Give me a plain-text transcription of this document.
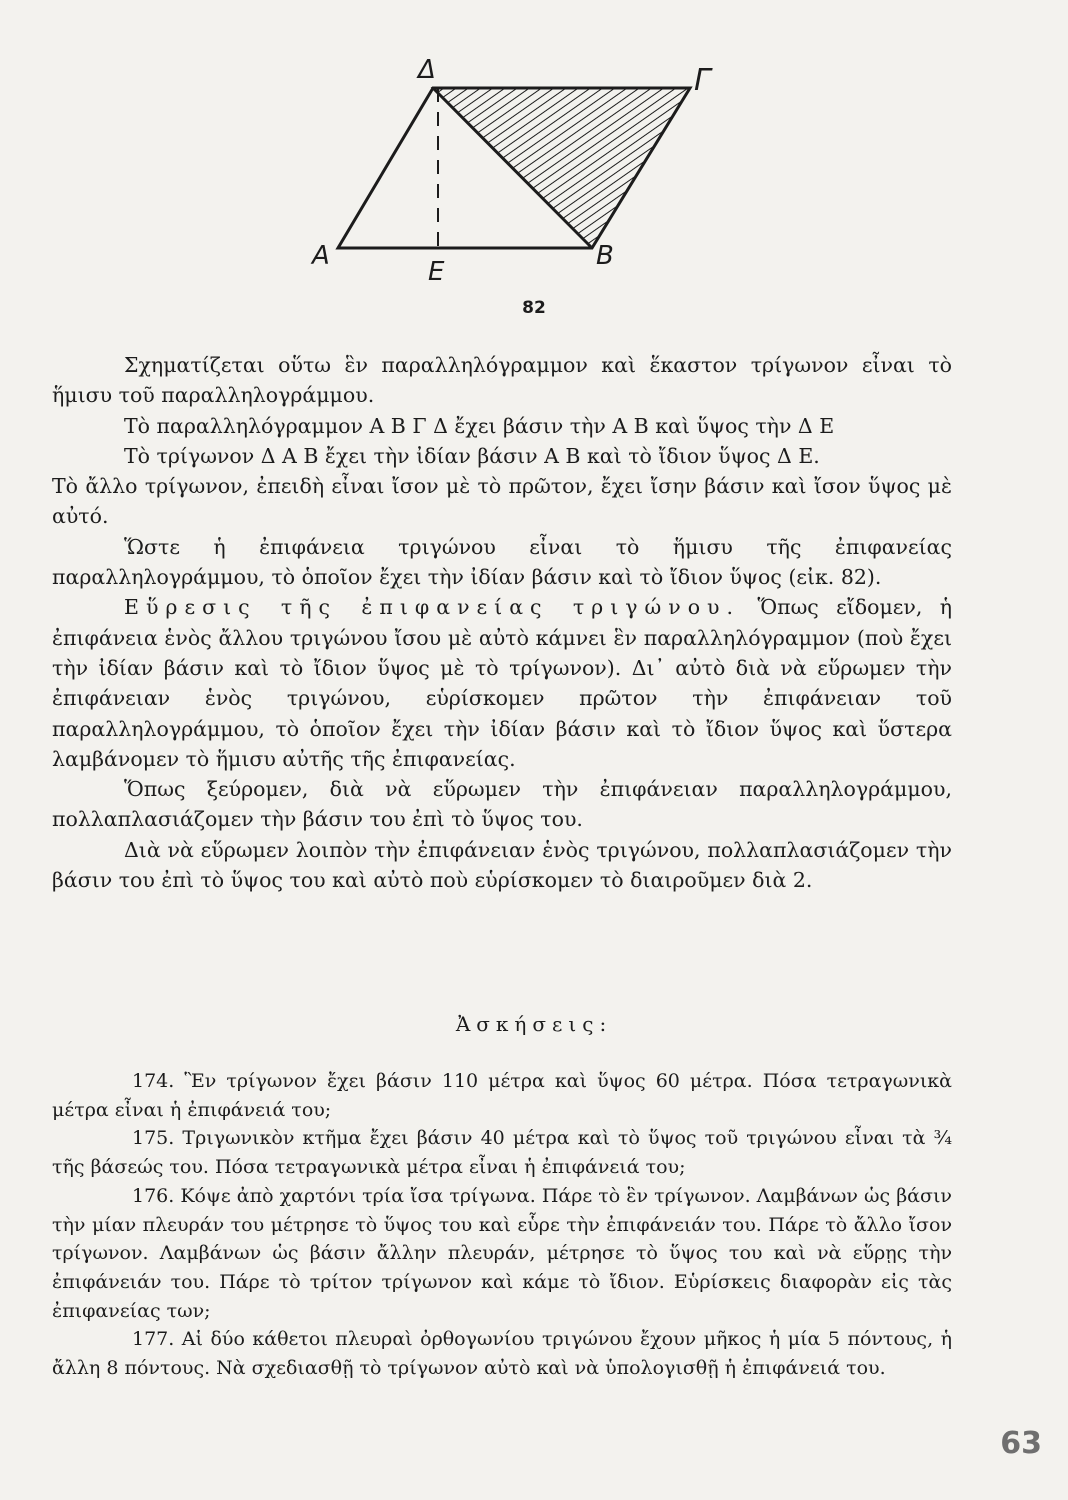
Δ	Γ
Α
Ε
Β
82

Σχηματίζεται οὕτω ἓν παραλληλόγραμμον καὶ ἕκαστον τρίγωνον εἶναι τὸ ἥμισυ τοῦ παραλληλογράμμου.

Τὸ παραλληλόγραμμον Α Β Γ Δ ἔχει βάσιν τὴν Α Β καὶ ὕψος τὴν Δ Ε

Τὸ τρίγωνον Δ Α Β ἔχει τὴν ἰδίαν βάσιν Α Β καὶ τὸ ἴδιον ὕψος Δ Ε.

Τὸ ἄλλο τρίγωνον, ἐπειδὴ εἶναι ἴσον μὲ τὸ πρῶτον, ἔχει ἴσην βάσιν καὶ ἴσον ὕψος μὲ αὐτό.

Ὥστε ἡ ἐπιφάνεια τριγώνου εἶναι τὸ ἥμισυ τῆς ἐπιφανείας παραλληλογράμμου, τὸ ὁποῖον ἔχει τὴν ἰδίαν βάσιν καὶ τὸ ἴδιον ὕψος (εἰκ. 82).

Εὕρεσις τῆς ἐπιφανείας τριγώνου. Ὅπως εἴδομεν, ἡ ἐπιφάνεια ἑνὸς ἄλλου τριγώνου ἴσου μὲ αὐτὸ κάμνει ἓν παραλληλόγραμμον (ποὺ ἔχει τὴν ἰδίαν βάσιν καὶ τὸ ἴδιον ὕψος μὲ τὸ τρίγωνον). Δι᾽ αὐτὸ διὰ νὰ εὕρωμεν τὴν ἐπιφάνειαν ἑνὸς τριγώνου, εὑρίσκομεν πρῶτον τὴν ἐπιφάνειαν τοῦ παραλληλογράμμου, τὸ ὁποῖον ἔχει τὴν ἰδίαν βάσιν καὶ τὸ ἴδιον ὕψος καὶ ὕστερα λαμβάνομεν τὸ ἥμισυ αὐτῆς τῆς ἐπιφανείας.

Ὅπως ξεύρομεν, διὰ νὰ εὕρωμεν τὴν ἐπιφάνειαν παραλληλογράμμου, πολλαπλασιάζομεν τὴν βάσιν του ἐπὶ τὸ ὕψος του.

Διὰ νὰ εὕρωμεν λοιπὸν τὴν ἐπιφάνειαν ἑνὸς τριγώνου, πολλαπλασιάζομεν τὴν βάσιν του ἐπὶ τὸ ὕψος του καὶ αὐτὸ ποὺ εὑρίσκομεν τὸ διαιροῦμεν διὰ 2.

Ἀσκήσεις:

174. Ἓν τρίγωνον ἔχει βάσιν 110 μέτρα καὶ ὕψος 60 μέτρα. Πόσα τετραγωνικὰ μέτρα εἶναι ἡ ἐπιφάνειά του;

175. Τριγωνικὸν κτῆμα ἔχει βάσιν 40 μέτρα καὶ τὸ ὕψος τοῦ τριγώνου εἶναι τὰ ¾ τῆς βάσεώς του. Πόσα τετραγωνικὰ μέτρα εἶναι ἡ ἐπιφάνειά του;

176. Κόψε ἀπὸ χαρτόνι τρία ἴσα τρίγωνα. Πάρε τὸ ἓν τρίγωνον. Λαμβάνων ὡς βάσιν τὴν μίαν πλευράν του μέτρησε τὸ ὕψος του καὶ εὗρε τὴν ἐπιφάνειάν του. Πάρε τὸ ἄλλο ἴσον τρίγωνον. Λαμβάνων ὡς βάσιν ἄλλην πλευράν, μέτρησε τὸ ὕψος του καὶ νὰ εὕρῃς τὴν ἐπιφάνειάν του. Πάρε τὸ τρίτον τρίγωνον καὶ κάμε τὸ ἴδιον. Εὑρίσκεις διαφορὰν εἰς τὰς ἐπιφανείας των;

177. Αἱ δύο κάθετοι πλευραὶ ὀρθογωνίου τριγώνου ἔχουν μῆκος ἡ μία 5 πόντους, ἡ ἄλλη 8 πόντους. Νὰ σχεδιασθῇ τὸ τρίγωνον αὐτὸ καὶ νὰ ὑπολογισθῇ ἡ ἐπιφάνειά του.

63
